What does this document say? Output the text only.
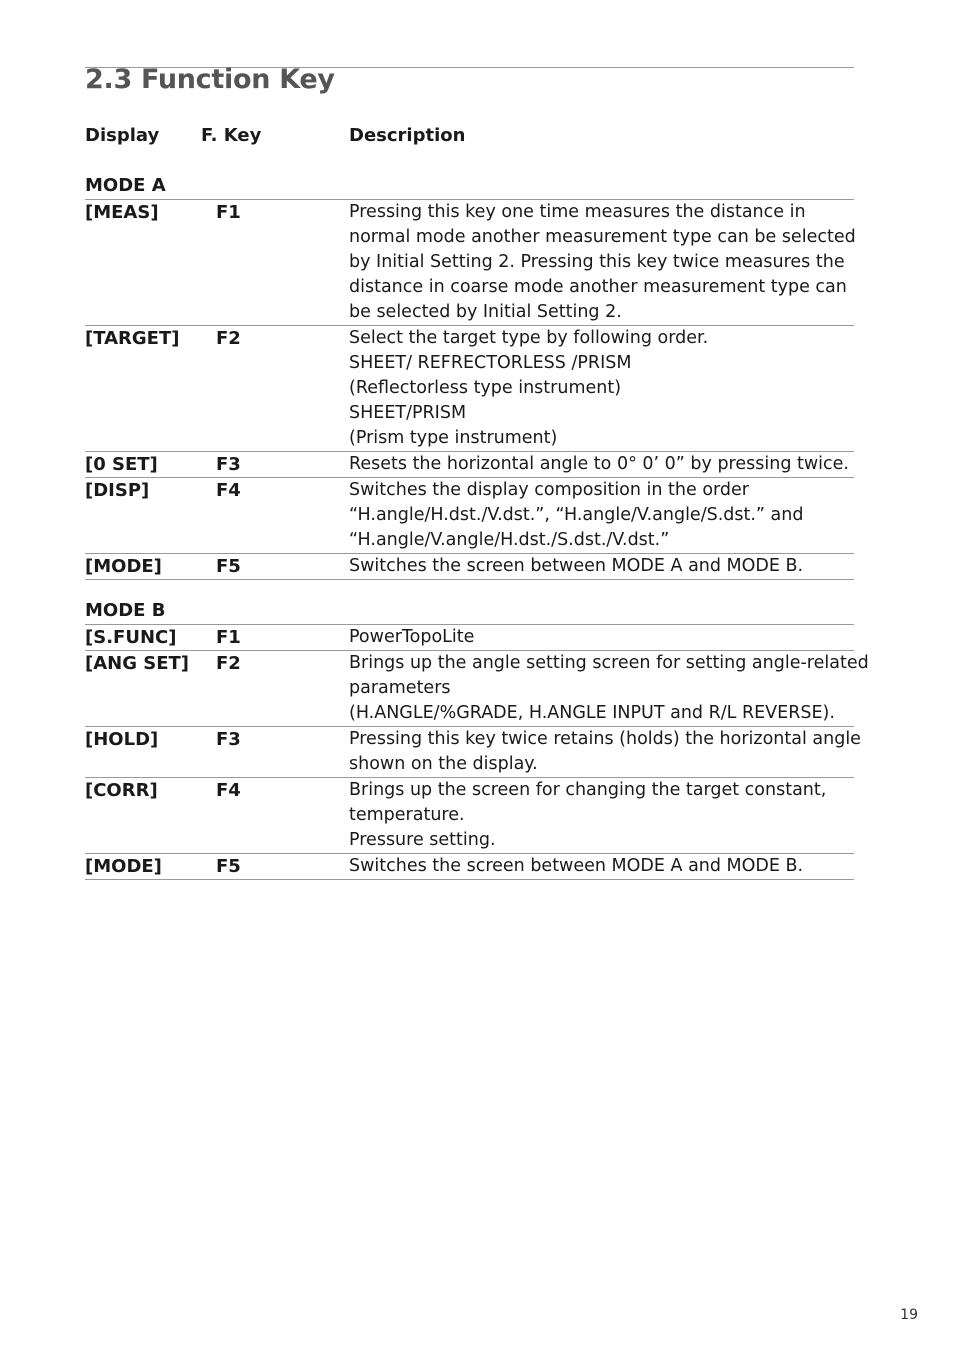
2.3 Function Key
Display F. Key	Description
MODE A
[MEAS]	F1	Pressing this key one time measures the distance in
normal mode another measurement type can be selected
by Initial Setting 2. Pressing this key twice measures the
distance in coarse mode another measurement type can
be selected by Initial Setting 2.
[TARGET] F2	Select the target type by following order.
SHEET/ REFRECTORLESS /PRISM
(Reflectorless type instrument)
SHEET/PRISM
(Prism type instrument)
[0 SET]	F3	Resets the horizontal angle to 0° 0’ 0” by pressing twice.
[DISP]	F4	Switches the display composition in the order
“H.angle/H.dst./V.dst.”, “H.angle/V.angle/S.dst.” and
“H.angle/V.angle/H.dst./S.dst./V.dst.”
[MODE]	F5	Switches the screen between MODE A and MODE B.
MODE B
[S.FUNC] F1	PowerTopoLite
[ANG SET] F2	Brings up the angle setting screen for setting angle-related
parameters
(H.ANGLE/%GRADE, H.ANGLE INPUT and R/L REVERSE).
[HOLD]	F3	Pressing this key twice retains (holds) the horizontal angle
shown on the display.
[CORR]	F4	Brings up the screen for changing the target constant,
temperature.
Pressure setting.
[MODE]	F5	Switches the screen between MODE A and MODE B.
19
